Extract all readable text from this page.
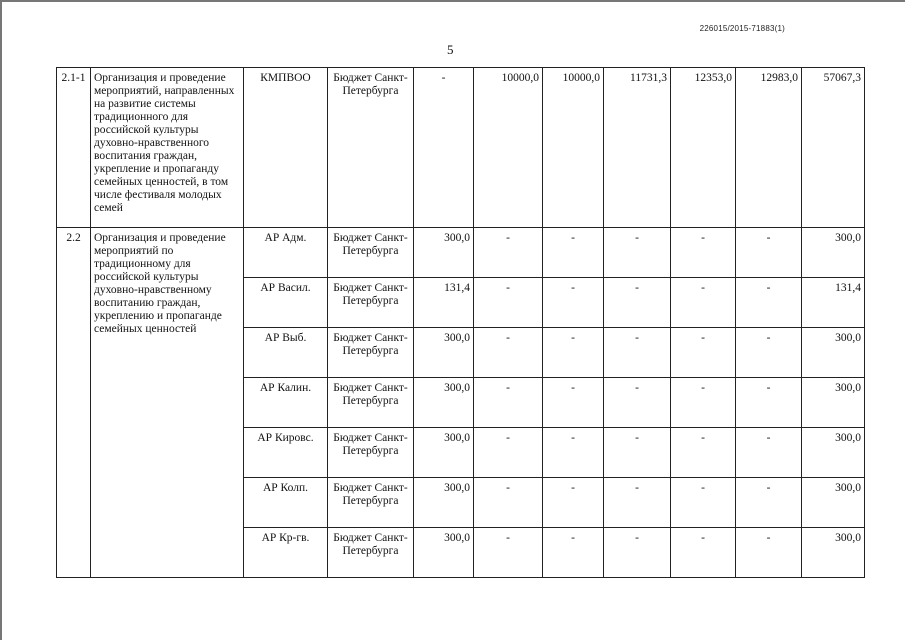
226015/2015-71883(1)
5
2.1-1	Организация и проведение мероприятий, направленных на развитие системы традиционного для российской культуры духовно-нравственного воспитания граждан, укрепление и пропаганду семейных ценностей, в том числе фестиваля молодых семей	КМПВОО	Бюджет Санкт-Петербурга	-	10000,0	10000,0	11731,3	12353,0	12983,0	57067,3
2.2	Организация и проведение мероприятий по традиционному для российской культуры духовно-нравственному воспитанию граждан, укреплению и пропаганде семейных ценностей	АР Адм.	Бюджет Санкт-Петербурга	300,0	-	-	-	-	-	300,0
		АР Васил.	Бюджет Санкт-Петербурга	131,4	-	-	-	-	-	131,4
		АР Выб.	Бюджет Санкт-Петербурга	300,0	-	-	-	-	-	300,0
		АР Калин.	Бюджет Санкт-Петербурга	300,0	-	-	-	-	-	300,0
		АР Кировс.	Бюджет Санкт-Петербурга	300,0	-	-	-	-	-	300,0
		АР Колп.	Бюджет Санкт-Петербурга	300,0	-	-	-	-	-	300,0
		АР Кр-гв.	Бюджет Санкт-Петербурга	300,0	-	-	-	-	-	300,0
